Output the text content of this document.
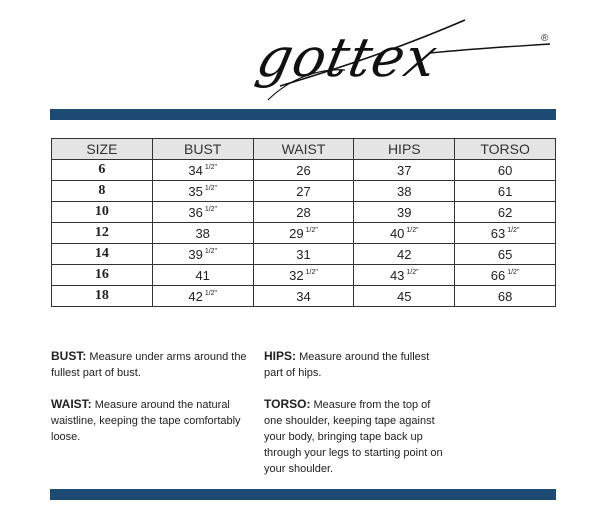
gottex	®
SIZE	BUST	WAIST	HIPS	TORSO
6	34 $^{1/2"}$	26	37	60
8	35 $^{1/2"}$	27	38	61
10	36 $^{1/2"}$	28	39	62
12	38	29 $^{1/2"}$	40 $^{1/2"}$	63 $^{1/2"}$
14	39 $^{1/2"}$	31	42	65
16	41	32 $^{1/2"}$	43 $^{1/2"}$	66 $^{1/2"}$
18	42 $^{1/2"}$	34	45	68
BUST: Measure under arms around the fullest part of bust.
WAIST: Measure around the natural waistline, keeping the tape comfortably loose.
HIPS: Measure around the fullest part of hips.
TORSO: Measure from the top of one shoulder, keeping tape against your body, bringing tape back up through your legs to starting point on your shoulder.
